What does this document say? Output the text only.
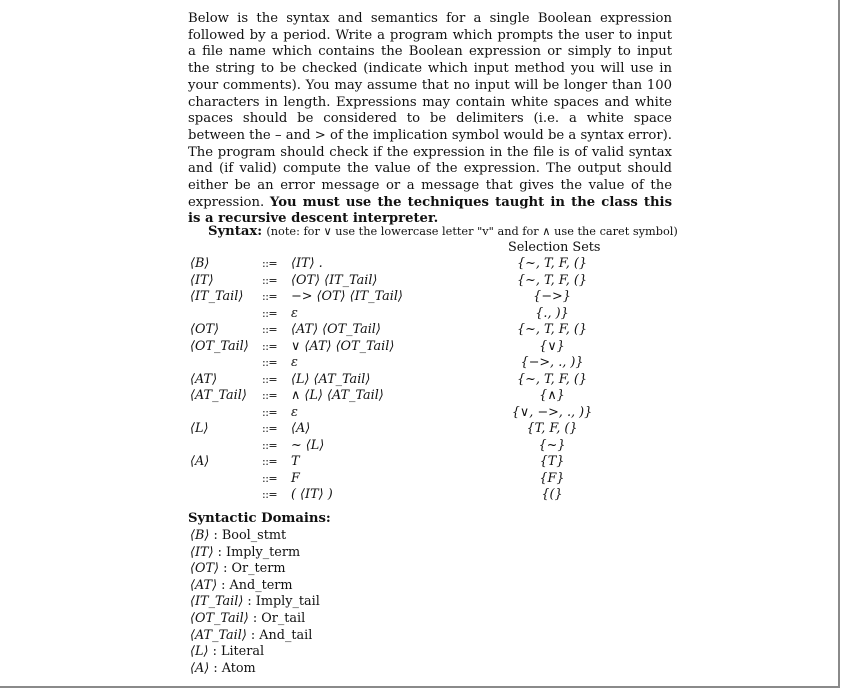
Below is the syntax and semantics for a single Boolean expression followed by a period. Write a program which prompts the user to input a file name which contains the Boolean expression or simply to input the string to be checked (indicate which input method you will use in your comments). You may assume that no input will be longer than 100 characters in length. Expressions may contain white spaces and white spaces should be considered to be delimiters (i.e. a white space between the – and > of the implication symbol would be a syntax error). The program should check if the expression in the file is of valid syntax and (if valid) compute the value of the expression. The output should either be an error message or a message that gives the value of the expression. You must use the techniques taught in the class this is a recursive descent interpreter.
Syntax: (note: for ∨ use the lowercase letter "v" and for ∧ use the caret symbol)
Selection Sets
⟨B⟩	::= ⟨IT⟩ .	{~, T, F, (}
⟨IT⟩	::= ⟨OT⟩ ⟨IT_Tail⟩	{~, T, F, (}
⟨IT_Tail⟩ ::= −> ⟨OT⟩ ⟨IT_Tail⟩	{−>}
::= ε	{., )}
⟨OT⟩	::= ⟨AT⟩ ⟨OT_Tail⟩	{~, T, F, (}
⟨OT_Tail⟩ ::= ∨ ⟨AT⟩ ⟨OT_Tail⟩	{∨}
::= ε	{−>, ., )}
⟨AT⟩	::= ⟨L⟩ ⟨AT_Tail⟩	{~, T, F, (}
⟨AT_Tail⟩ ::= ∧ ⟨L⟩ ⟨AT_Tail⟩	{∧}
::= ε	{∨, −>, ., )}
⟨L⟩	::= ⟨A⟩	{T, F, (}
::= ~ ⟨L⟩	{~}
⟨A⟩	::= T	{T}
::= F	{F}
::= ( ⟨IT⟩ )	{(}
Syntactic Domains:
⟨B⟩ : Bool_stmt
⟨IT⟩ : Imply_term
⟨OT⟩ : Or_term
⟨AT⟩ : And_term
⟨IT_Tail⟩ : Imply_tail
⟨OT_Tail⟩ : Or_tail
⟨AT_Tail⟩ : And_tail
⟨L⟩ : Literal
⟨A⟩ : Atom
